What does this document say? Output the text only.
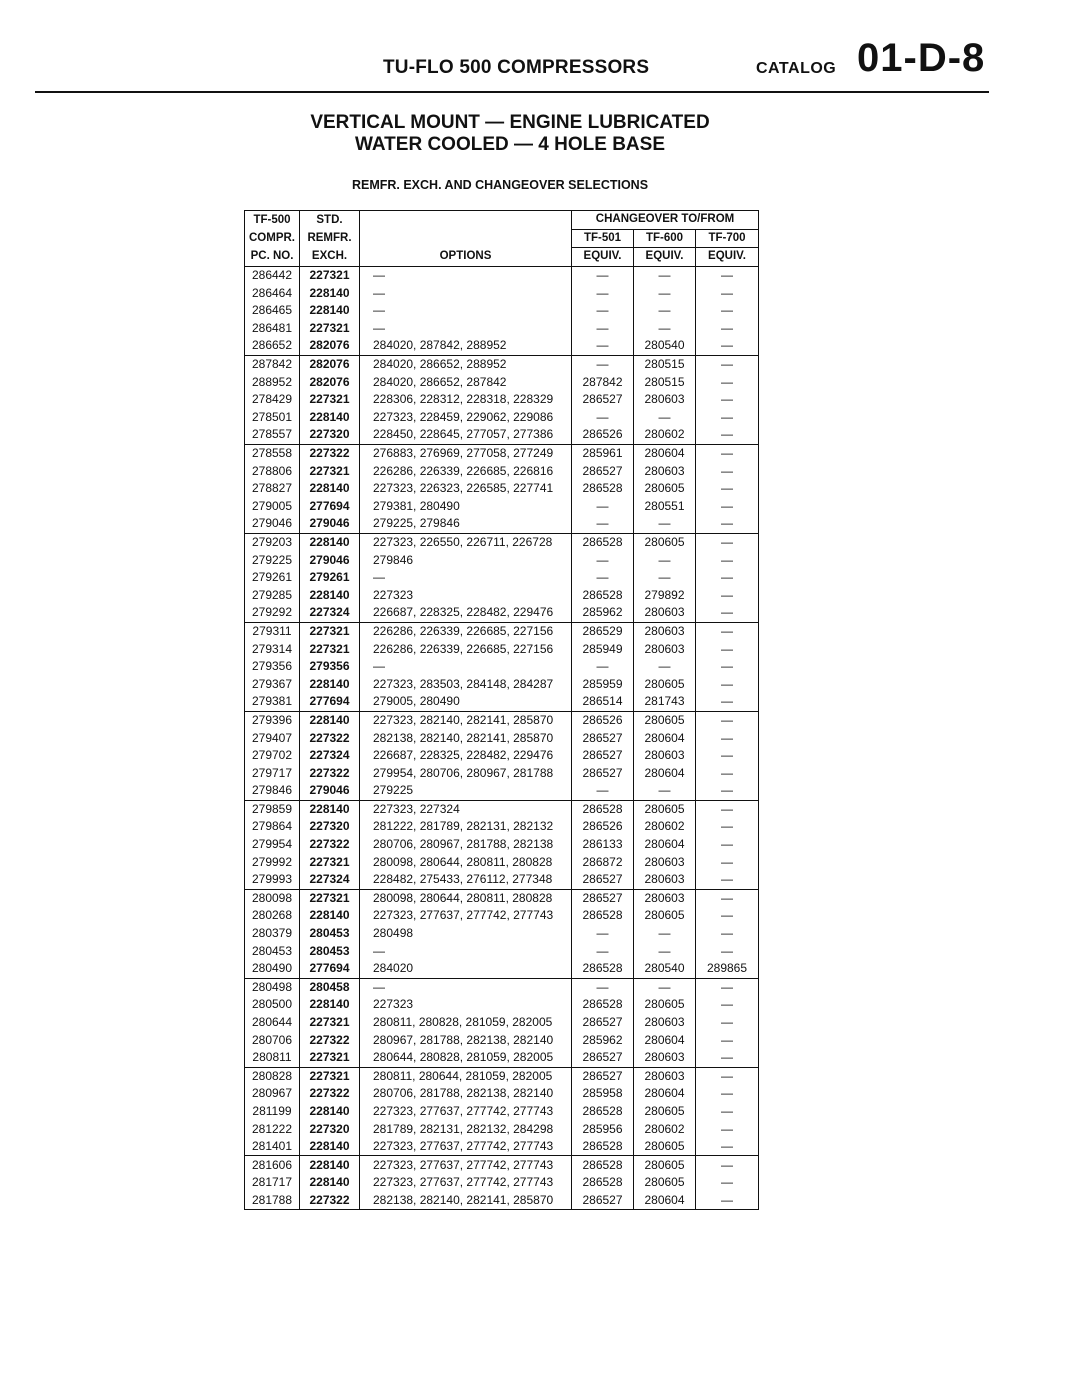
TU-FLO 500 COMPRESSORS	CATALOG 01-D-8
VERTICAL MOUNT — ENGINE LUBRICATED
WATER COOLED — 4 HOLE BASE
REMFR. EXCH. AND CHANGEOVER SELECTIONS
TF-500	STD.		CHANGEOVER TO/FROM		
COMPR.	REMFR.		TF-501	TF-600	TF-700
PC. NO.	EXCH.	OPTIONS	EQUIV.	EQUIV.	EQUIV.
286442	227321	—	—	—	—
286464	228140	—	—	—	—
286465	228140	—	—	—	—
286481	227321	—	—	—	—
286652	282076	284020, 287842, 288952	—	280540	—
287842	282076	284020, 286652, 288952	—	280515	—
288952	282076	284020, 286652, 287842	287842	280515	—
278429	227321	228306, 228312, 228318, 228329	286527	280603	—
278501	228140	227323, 228459, 229062, 229086	—	—	—
278557	227320	228450, 228645, 277057, 277386	286526	280602	—
278558	227322	276883, 276969, 277058, 277249	285961	280604	—
278806	227321	226286, 226339, 226685, 226816	286527	280603	—
278827	228140	227323, 226323, 226585, 227741	286528	280605	—
279005	277694	279381, 280490	—	280551	—
279046	279046	279225, 279846	—	—	—
279203	228140	227323, 226550, 226711, 226728	286528	280605	—
279225	279046	279846	—	—	—
279261	279261	—	—	—	—
279285	228140	227323	286528	279892	—
279292	227324	226687, 228325, 228482, 229476	285962	280603	—
279311	227321	226286, 226339, 226685, 227156	286529	280603	—
279314	227321	226286, 226339, 226685, 227156	285949	280603	—
279356	279356	—	—	—	—
279367	228140	227323, 283503, 284148, 284287	285959	280605	—
279381	277694	279005, 280490	286514	281743	—
279396	228140	227323, 282140, 282141, 285870	286526	280605	—
279407	227322	282138, 282140, 282141, 285870	286527	280604	—
279702	227324	226687, 228325, 228482, 229476	286527	280603	—
279717	227322	279954, 280706, 280967, 281788	286527	280604	—
279846	279046	279225	—	—	—
279859	228140	227323, 227324	286528	280605	—
279864	227320	281222, 281789, 282131, 282132	286526	280602	—
279954	227322	280706, 280967, 281788, 282138	286133	280604	—
279992	227321	280098, 280644, 280811, 280828	286872	280603	—
279993	227324	228482, 275433, 276112, 277348	286527	280603	—
280098	227321	280098, 280644, 280811, 280828	286527	280603	—
280268	228140	227323, 277637, 277742, 277743	286528	280605	—
280379	280453	280498	—	—	—
280453	280453	—	—	—	—
280490	277694	284020	286528	280540	289865
280498	280458	—	—	—	—
280500	228140	227323	286528	280605	—
280644	227321	280811, 280828, 281059, 282005	286527	280603	—
280706	227322	280967, 281788, 282138, 282140	285962	280604	—
280811	227321	280644, 280828, 281059, 282005	286527	280603	—
280828	227321	280811, 280644, 281059, 282005	286527	280603	—
280967	227322	280706, 281788, 282138, 282140	285958	280604	—
281199	228140	227323, 277637, 277742, 277743	286528	280605	—
281222	227320	281789, 282131, 282132, 284298	285956	280602	—
281401	228140	227323, 277637, 277742, 277743	286528	280605	—
281606	228140	227323, 277637, 277742, 277743	286528	280605	—
281717	228140	227323, 277637, 277742, 277743	286528	280605	—
281788	227322	282138, 282140, 282141, 285870	286527	280604	—
